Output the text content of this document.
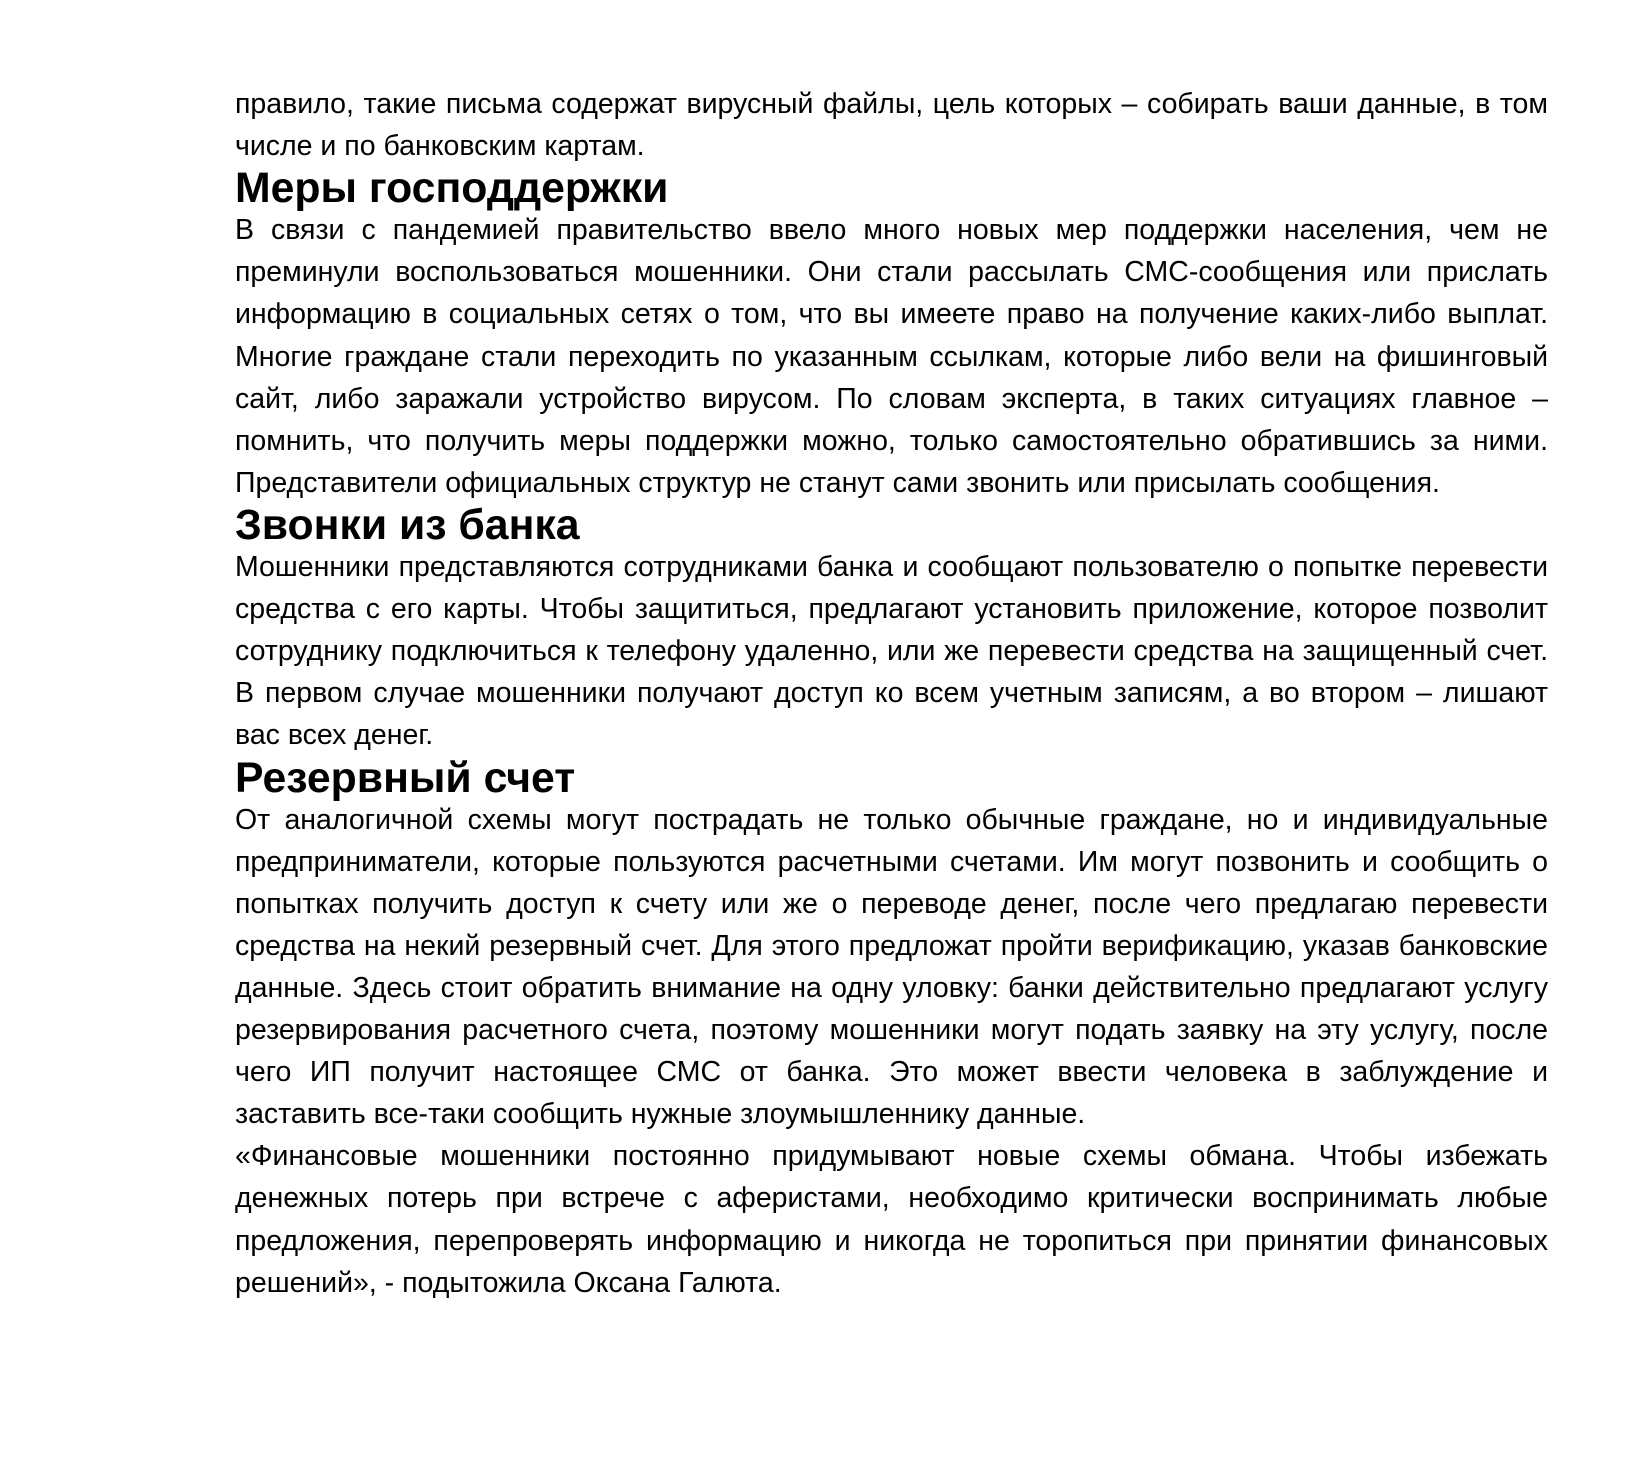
правило, такие письма содержат вирусный файлы, цель которых – собирать ваши данные, в том числе и по банковским картам.

Меры господдержки

В связи с пандемией правительство ввело много новых мер поддержки населения, чем не преминули воспользоваться мошенники. Они стали рассылать СМС-сообщения или прислать информацию в социальных сетях о том, что вы имеете право на получение каких-либо выплат. Многие граждане стали переходить по указанным ссылкам, которые либо вели на фишинговый сайт, либо заражали устройство вирусом. По словам эксперта, в таких ситуациях главное – помнить, что получить меры поддержки можно, только самостоятельно обратившись за ними. Представители официальных структур не станут сами звонить или присылать сообщения.

Звонки из банка

Мошенники представляются сотрудниками банка и сообщают пользователю о попытке перевести средства с его карты. Чтобы защититься, предлагают установить приложение, которое позволит сотруднику подключиться к телефону удаленно, или же перевести средства на защищенный счет. В первом случае мошенники получают доступ ко всем учетным записям, а во втором – лишают вас всех денег.

Резервный счет

От аналогичной схемы могут пострадать не только обычные граждане, но и индивидуальные предприниматели, которые пользуются расчетными счетами. Им могут позвонить и сообщить о попытках получить доступ к счету или же о переводе денег, после чего предлагаю перевести средства на некий резервный счет. Для этого предложат пройти верификацию, указав банковские данные. Здесь стоит обратить внимание на одну уловку: банки действительно предлагают услугу резервирования расчетного счета, поэтому мошенники могут подать заявку на эту услугу, после чего ИП получит настоящее СМС от банка. Это может ввести человека в заблуждение и заставить все-таки сообщить нужные злоумышленнику данные.

«Финансовые мошенники постоянно придумывают новые схемы обмана. Чтобы избежать денежных потерь при встрече с аферистами, необходимо критически воспринимать любые предложения, перепроверять информацию и никогда не торопиться при принятии финансовых решений», - подытожила Оксана Галюта.
